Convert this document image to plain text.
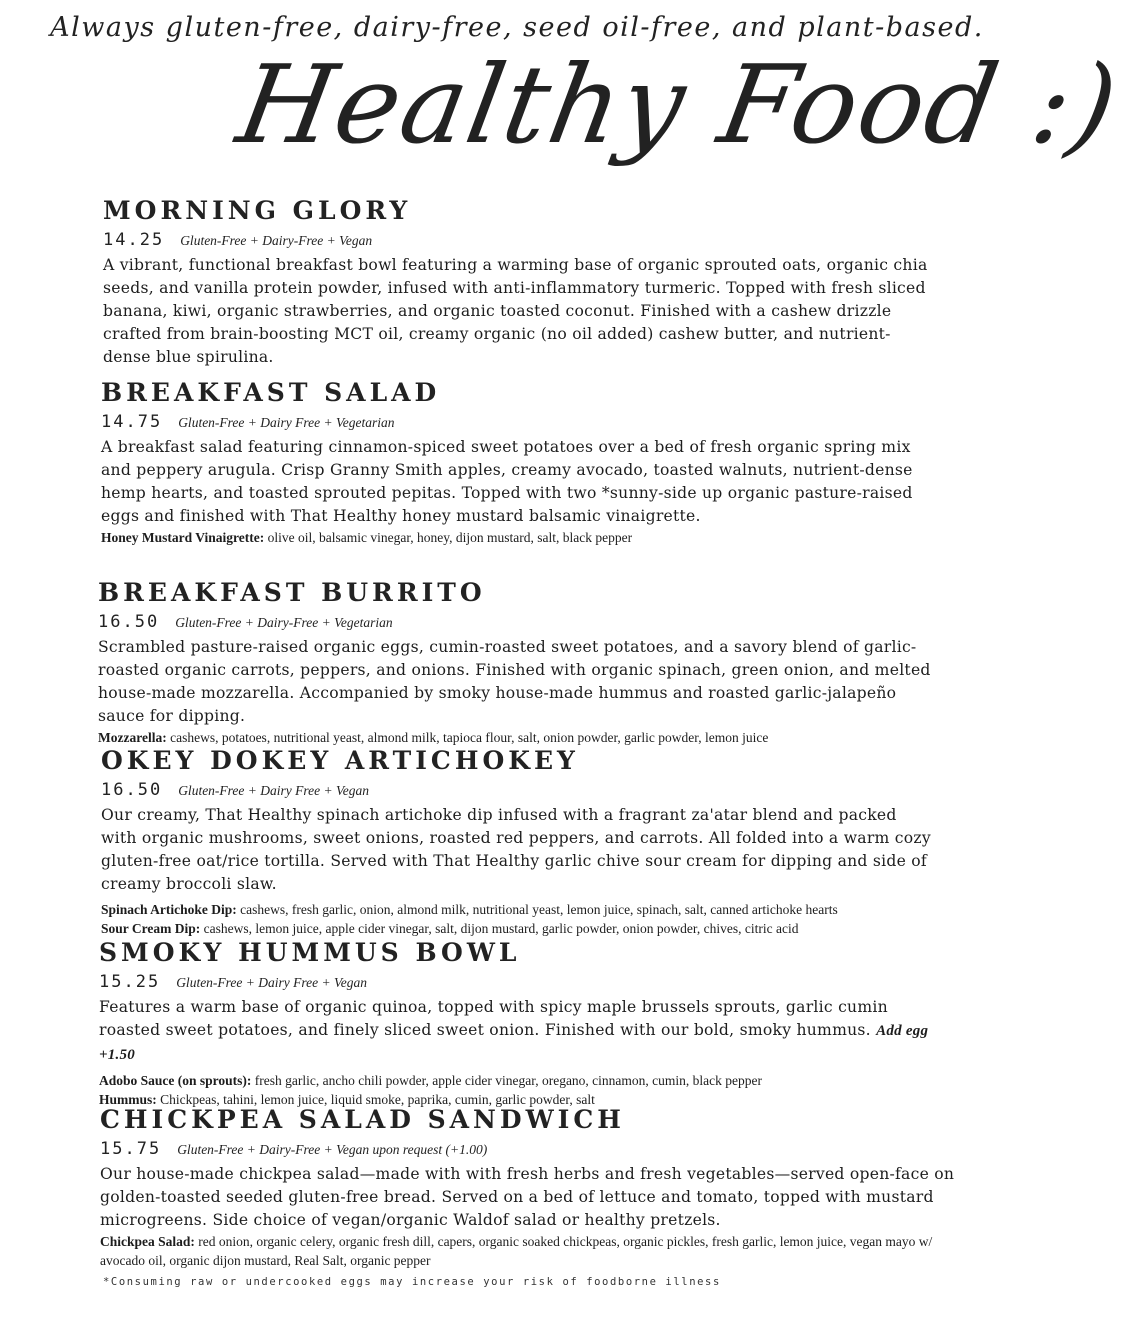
Always gluten-free, dairy-free, seed oil-free, and plant-based.
Healthy Food :)
MORNING GLORY
14.25 Gluten-Free + Dairy-Free + Vegan
A vibrant, functional breakfast bowl featuring a warming base of organic sprouted oats, organic chia seeds, and vanilla protein powder, infused with anti-inflammatory turmeric. Topped with fresh sliced banana, kiwi, organic strawberries, and organic toasted coconut. Finished with a cashew drizzle crafted from brain-boosting MCT oil, creamy organic (no oil added) cashew butter, and nutrient-dense blue spirulina.
BREAKFAST SALAD
14.75 Gluten-Free + Dairy Free + Vegetarian
A breakfast salad featuring cinnamon-spiced sweet potatoes over a bed of fresh organic spring mix and peppery arugula. Crisp Granny Smith apples, creamy avocado, toasted walnuts, nutrient-dense hemp hearts, and toasted sprouted pepitas. Topped with two *sunny-side up organic pasture-raised eggs and finished with That Healthy honey mustard balsamic vinaigrette.
Honey Mustard Vinaigrette: olive oil, balsamic vinegar, honey, dijon mustard, salt, black pepper
BREAKFAST BURRITO
16.50 Gluten-Free + Dairy-Free + Vegetarian
Scrambled pasture-raised organic eggs, cumin-roasted sweet potatoes, and a savory blend of garlic-roasted organic carrots, peppers, and onions. Finished with organic spinach, green onion, and melted house-made mozzarella. Accompanied by smoky house-made hummus and roasted garlic-jalapeño sauce for dipping.
Mozzarella: cashews, potatoes, nutritional yeast, almond milk, tapioca flour, salt, onion powder, garlic powder, lemon juice
OKEY DOKEY ARTICHOKEY
16.50 Gluten-Free + Dairy Free + Vegan
Our creamy, That Healthy spinach artichoke dip infused with a fragrant za'atar blend and packed with organic mushrooms, sweet onions, roasted red peppers, and carrots. All folded into a warm cozy gluten-free oat/rice tortilla. Served with That Healthy garlic chive sour cream for dipping and side of creamy broccoli slaw.
Spinach Artichoke Dip: cashews, fresh garlic, onion, almond milk, nutritional yeast, lemon juice, spinach, salt, canned artichoke hearts
Sour Cream Dip: cashews, lemon juice, apple cider vinegar, salt, dijon mustard, garlic powder, onion powder, chives, citric acid
SMOKY HUMMUS BOWL
15.25 Gluten-Free + Dairy Free + Vegan
Features a warm base of organic quinoa, topped with spicy maple brussels sprouts, garlic cumin roasted sweet potatoes, and finely sliced sweet onion. Finished with our bold, smoky hummus. Add egg +1.50
Adobo Sauce (on sprouts): fresh garlic, ancho chili powder, apple cider vinegar, oregano, cinnamon, cumin, black pepper
Hummus: Chickpeas, tahini, lemon juice, liquid smoke, paprika, cumin, garlic powder, salt
CHICKPEA SALAD SANDWICH
15.75 Gluten-Free + Dairy-Free + Vegan upon request (+1.00)
Our house-made chickpea salad—made with with fresh herbs and fresh vegetables—served open-face on golden-toasted seeded gluten-free bread. Served on a bed of lettuce and tomato, topped with mustard microgreens. Side choice of vegan/organic Waldof salad or healthy pretzels.
Chickpea Salad: red onion, organic celery, organic fresh dill, capers, organic soaked chickpeas, organic pickles, fresh garlic, lemon juice, vegan mayo w/ avocado oil, organic dijon mustard, Real Salt, organic pepper
*Consuming raw or undercooked eggs may increase your risk of foodborne illness
